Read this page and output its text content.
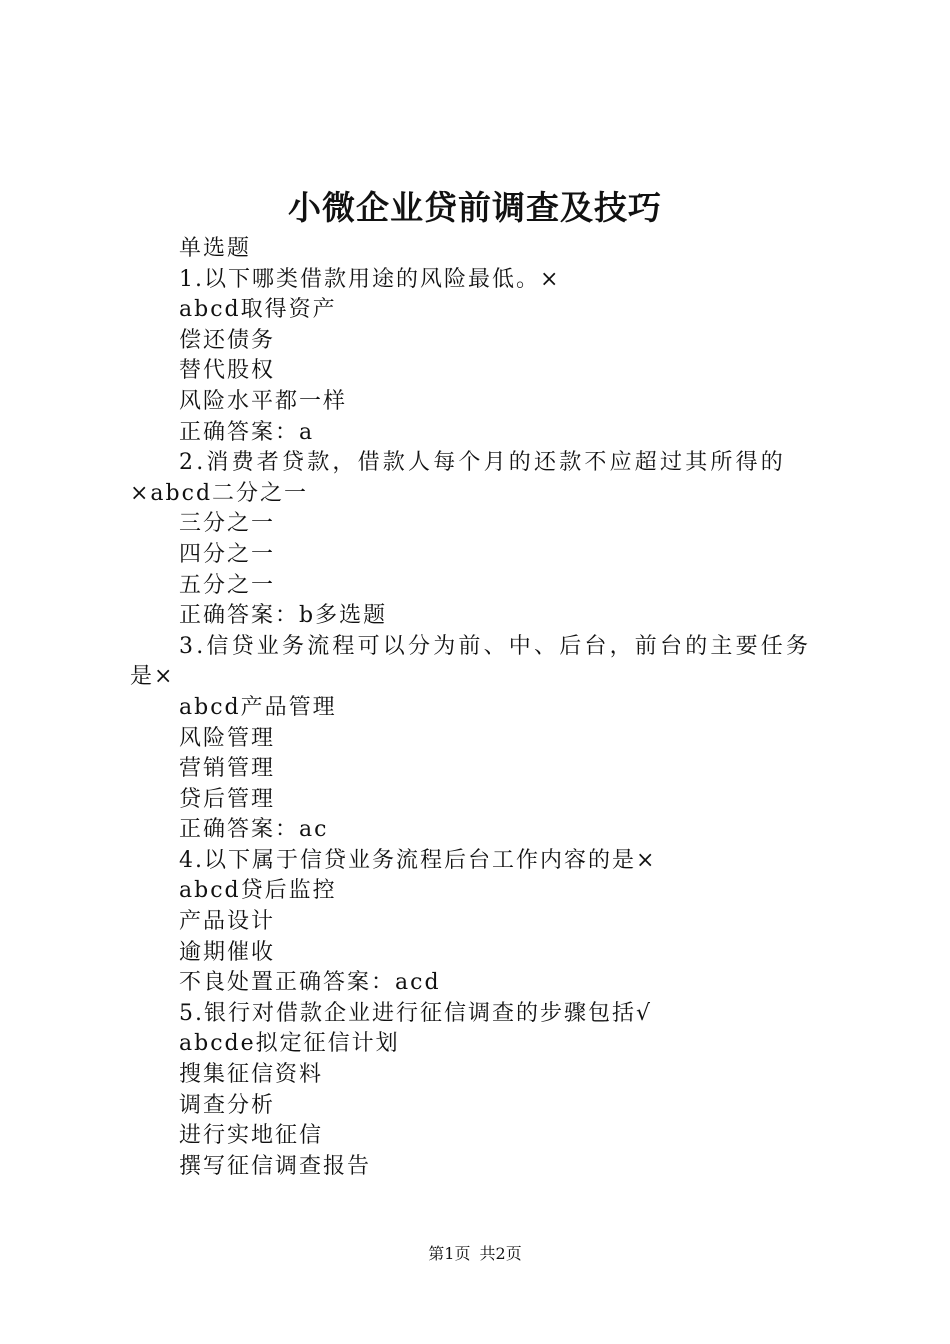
小微企业贷前调查及技巧
单选题
1.以下哪类借款用途的风险最低。×
abcd取得资产
偿还债务
替代股权
风险水平都一样
正确答案：a
2.消费者贷款，借款人每个月的还款不应超过其所得的
×abcd二分之一
三分之一
四分之一
五分之一
正确答案：b多选题
3.信贷业务流程可以分为前、中、后台，前台的主要任务
是×
abcd产品管理
风险管理
营销管理
贷后管理
正确答案：ac
4.以下属于信贷业务流程后台工作内容的是×
abcd贷后监控
产品设计
逾期催收
不良处置正确答案：acd
5.银行对借款企业进行征信调查的步骤包括√
abcde拟定征信计划
搜集征信资料
调查分析
进行实地征信
撰写征信调查报告
第1页 共2页
